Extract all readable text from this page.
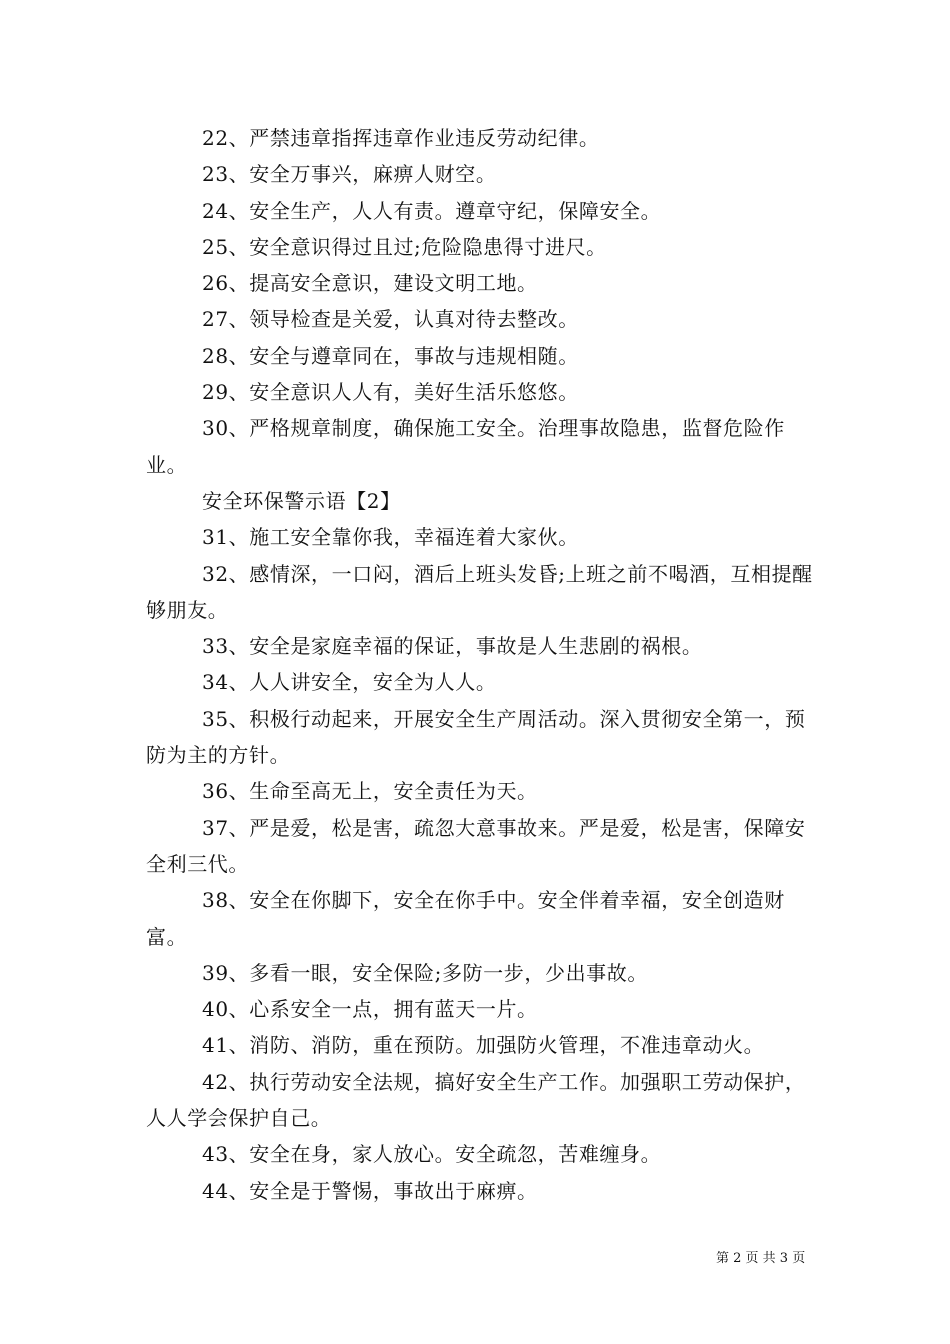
22、严禁违章指挥违章作业违反劳动纪律。

23、安全万事兴，麻痹人财空。

24、安全生产，人人有责。遵章守纪，保障安全。

25、安全意识得过且过;危险隐患得寸进尺。

26、提高安全意识，建设文明工地。

27、领导检查是关爱，认真对待去整改。

28、安全与遵章同在，事故与违规相随。

29、安全意识人人有，美好生活乐悠悠。

30、严格规章制度，确保施工安全。治理事故隐患，监督危险作业。

安全环保警示语【2】

31、施工安全靠你我，幸福连着大家伙。

32、感情深，一口闷，酒后上班头发昏;上班之前不喝酒，互相提醒够朋友。

33、安全是家庭幸福的保证，事故是人生悲剧的祸根。

34、人人讲安全，安全为人人。

35、积极行动起来，开展安全生产周活动。深入贯彻安全第一，预防为主的方针。

36、生命至高无上，安全责任为天。

37、严是爱，松是害，疏忽大意事故来。严是爱，松是害，保障安全利三代。

38、安全在你脚下，安全在你手中。安全伴着幸福，安全创造财富。

39、多看一眼，安全保险;多防一步，少出事故。

40、心系安全一点，拥有蓝天一片。

41、消防、消防，重在预防。加强防火管理，不准违章动火。

42、执行劳动安全法规，搞好安全生产工作。加强职工劳动保护，人人学会保护自己。

43、安全在身，家人放心。安全疏忽，苦难缠身。

44、安全是于警惕，事故出于麻痹。

第 2 页 共 3 页
